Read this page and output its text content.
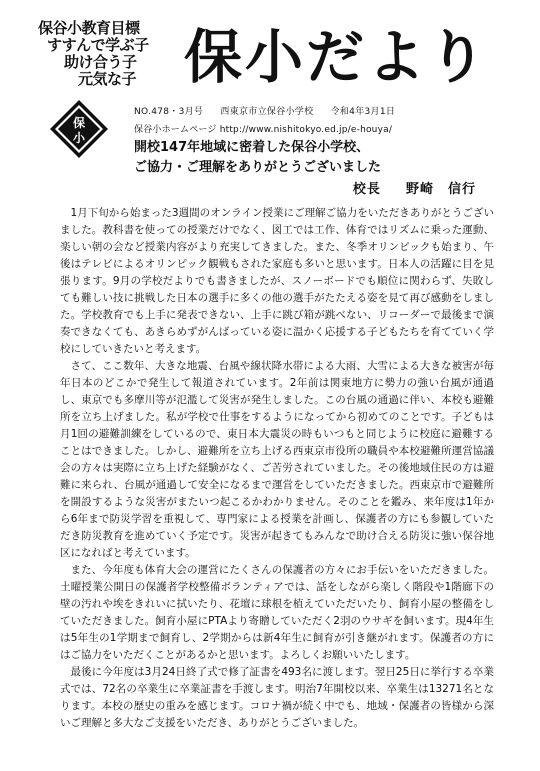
保谷小教育目標
すすんで学ぶ子
助け合う子
元気な子
保
小
保小だより
NO.478・3月号 西東京市立保谷小学校 令和4年3月1日
保谷小ホームページ http://www.nishitokyo.ed.jp/e-houya/
開校147年地域に密着した保谷小学校、
ご協力・ご理解をありがとうございました
校長 　 野崎　信行

1月下旬から始まった3週間のオンライン授業にご理解ご協力をいただきありがとうございました。教科書を使っての授業だけでなく、図工では工作、体育ではリズムに乗った運動、楽しい朝の会など授業内容がより充実してきました。また、冬季オリンピックも始まり、午後はテレビによるオリンピック観戦もされた家庭も多いと思います。日本人の活躍に目を見張ります。9月の学校だよりでも書きましたが、スノーボードでも順位に関わらず、失敗しても難しい技に挑戦した日本の選手に多くの他の選手がたたえる姿を見て再び感動をしました。学校教育でも上手に発表できない、上手に跳び箱が跳べない、リコーダーで最後まで演奏できなくても、あきらめずがんばっている姿に温かく応援する子どもたちを育てていく学校にしていきたいと考えます。

さて、ここ数年、大きな地震、台風や線状降水帯による大雨、大雪による大きな被害が毎年日本のどこかで発生して報道されています。2年前は関東地方に勢力の強い台風が通過し、東京でも多摩川等が氾濫して災害が発生しました。この台風の通過に伴い、本校も避難所を立ち上げました。私が学校で仕事をするようになってから初めてのことです。子どもは月1回の避難訓練をしているので、東日本大震災の時もいつもと同じように校庭に避難することはできました。しかし、避難所を立ち上げる西東京市役所の職員や本校避難所運営協議会の方々は実際に立ち上げた経験がなく、ご苦労されていました。その後地域住民の方は避難に来られ、台風が通過して安全になるまで運営をしていただきました。西東京市で避難所を開設するような災害がまたいつ起こるかわかりません。そのことを鑑み、来年度は1年から6年まで防災学習を重視して、専門家による授業を計画し、保護者の方にも参観していただき防災教育を進めていく予定です。災害が起きてもみんなで助け合える防災に強い保谷地区になればと考えています。

また、今年度も体育大会の運営にたくさんの保護者の方々にお手伝いをいただきました。土曜授業公開日の保護者学校整備ボランティアでは、話をしながら楽しく階段や1階廊下の壁の汚れや埃をきれいに拭いたり、花壇に球根を植えていただいたり、飼育小屋の整備をしていただきました。飼育小屋にPTAより寄贈していただく2羽のウサギを飼います。現4年生は5年生の1学期まで飼育し、2学期からは新4年生に飼育が引き継がれます。保護者の方にはご協力をいただくことがあるかと思います。よろしくお願いいたします。

最後に今年度は3月24日終了式で修了証書を493名に渡します。翌日25日に挙行する卒業式では、72名の卒業生に卒業証書を手渡します。明治7年開校以来、卒業生は13271名となります。本校の歴史の重みを感じます。コロナ禍が続く中でも、地域・保護者の皆様から深いご理解と多大なご支援をいただき、ありがとうございました。
